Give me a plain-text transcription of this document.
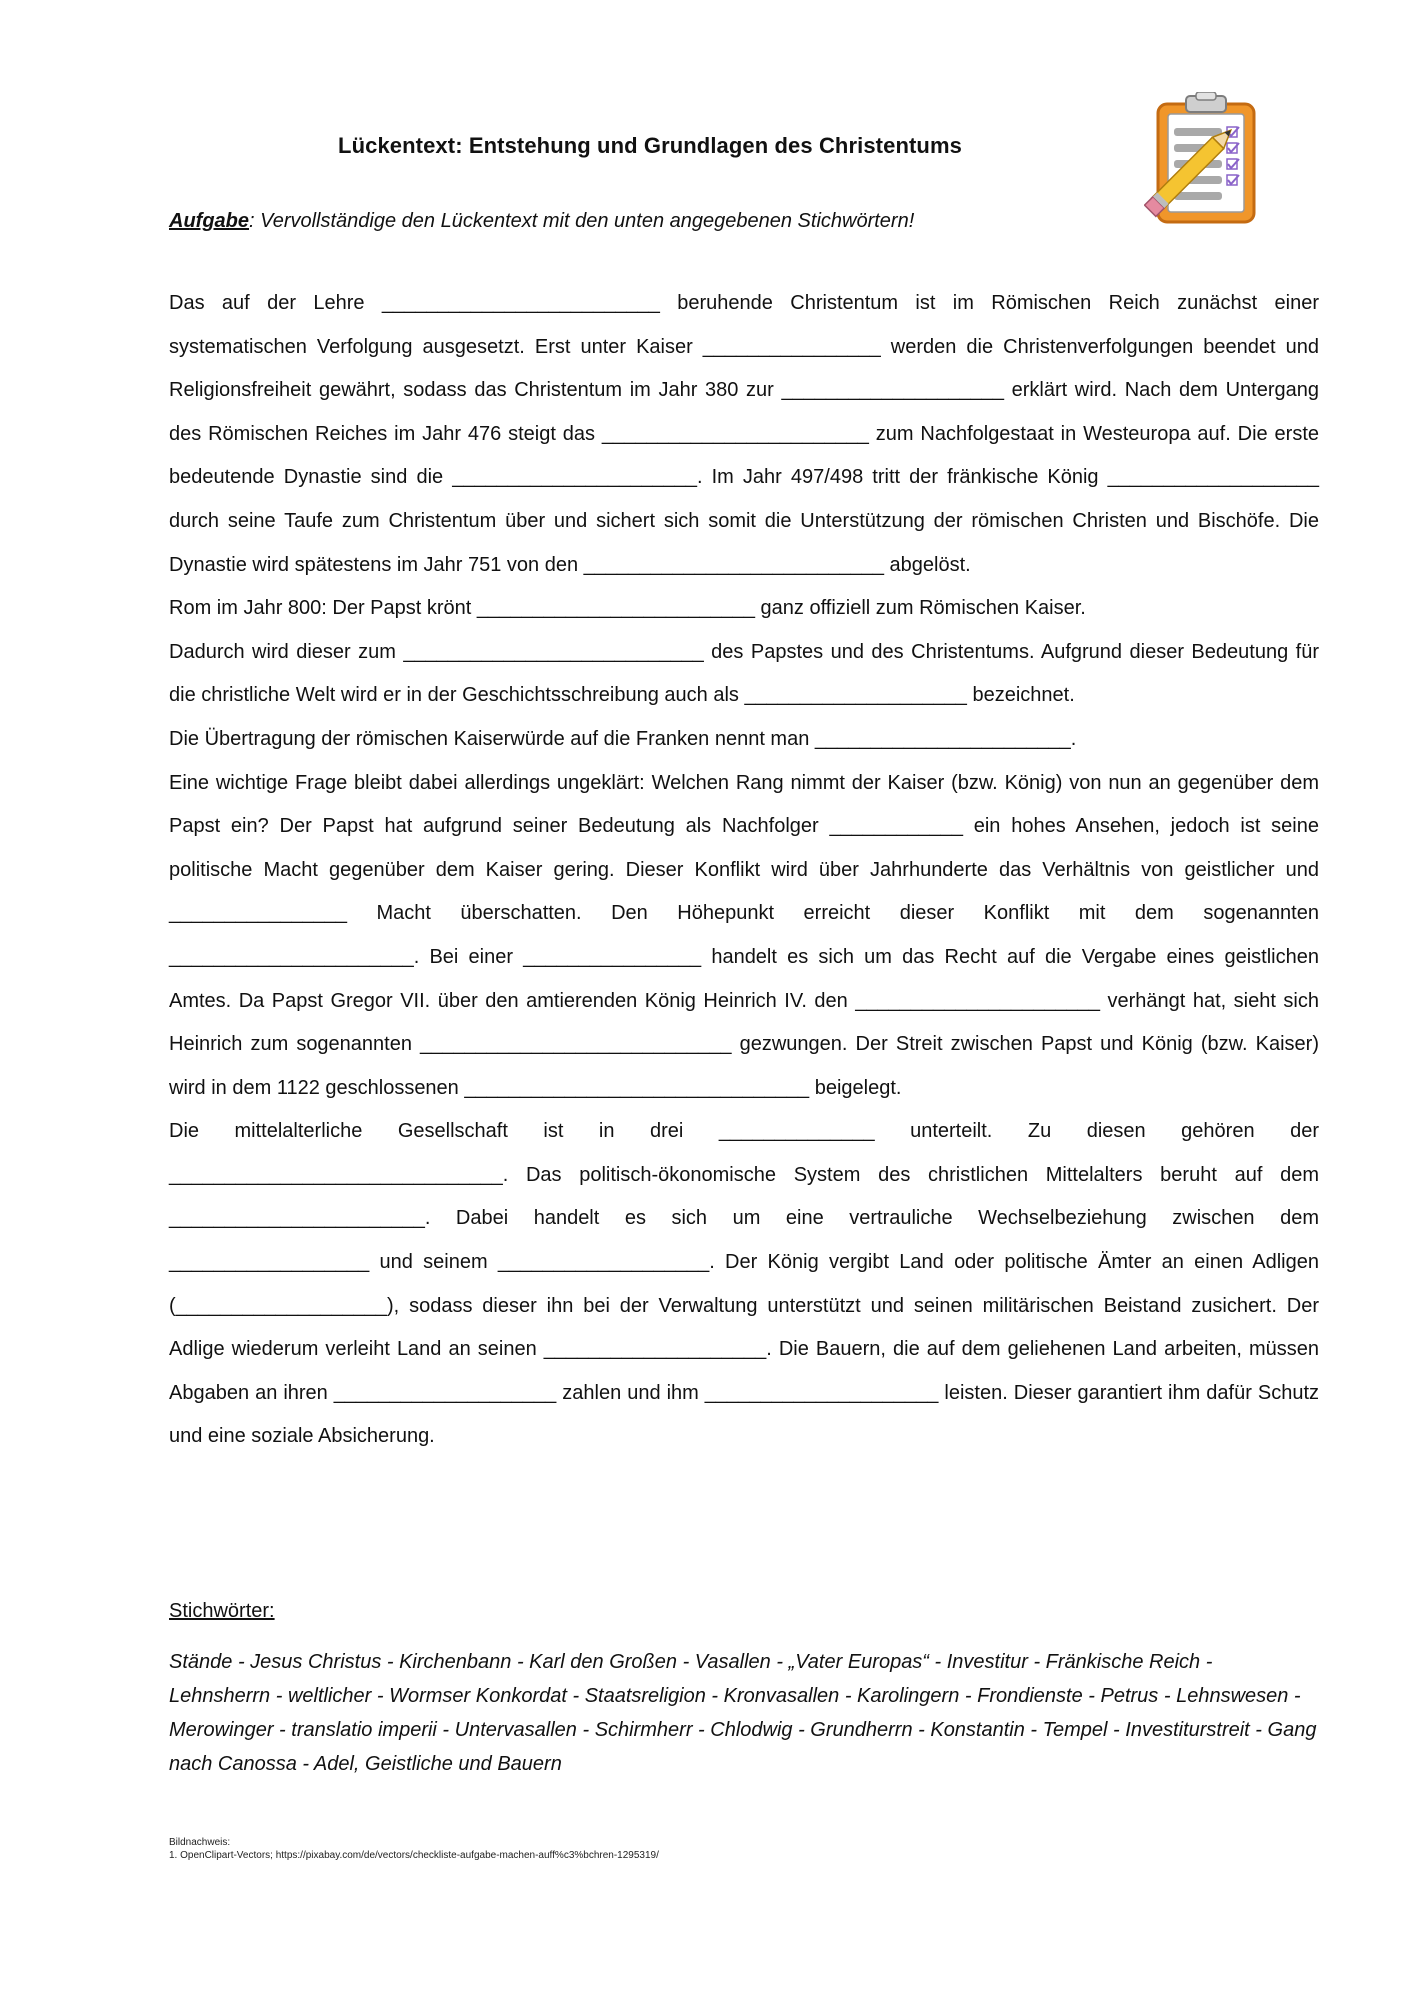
Lückentext: Entstehung und Grundlagen des Christentums
Aufgabe: Vervollständige den Lückentext mit den unten angegebenen Stichwörtern!

Das auf der Lehre _________________________ beruhende Christentum ist im Römischen Reich zunächst einer systematischen Verfolgung ausgesetzt. Erst unter Kaiser ________________ werden die Christenverfolgungen beendet und Religionsfreiheit gewährt, sodass das Christentum im Jahr 380 zur ____________________ erklärt wird. Nach dem Untergang des Römischen Reiches im Jahr 476 steigt das ________________________ zum Nachfolgestaat in Westeuropa auf. Die erste bedeutende Dynastie sind die ______________________. Im Jahr 497/498 tritt der fränkische König ___________________ durch seine Taufe zum Christentum über und sichert sich somit die Unterstützung der römischen Christen und Bischöfe. Die Dynastie wird spätestens im Jahr 751 von den ___________________________ abgelöst.

Rom im Jahr 800: Der Papst krönt _________________________ ganz offiziell zum Römischen Kaiser.

Dadurch wird dieser zum ___________________________ des Papstes und des Christentums. Aufgrund dieser Bedeutung für die christliche Welt wird er in der Geschichtsschreibung auch als ____________________ bezeichnet.

Die Übertragung der römischen Kaiserwürde auf die Franken nennt man _______________________.

Eine wichtige Frage bleibt dabei allerdings ungeklärt: Welchen Rang nimmt der Kaiser (bzw. König) von nun an gegenüber dem Papst ein? Der Papst hat aufgrund seiner Bedeutung als Nachfolger ____________ ein hohes Ansehen, jedoch ist seine politische Macht gegenüber dem Kaiser gering. Dieser Konflikt wird über Jahrhunderte das Verhältnis von geistlicher und ________________ Macht überschatten. Den Höhepunkt erreicht dieser Konflikt mit dem sogenannten ______________________. Bei einer ________________ handelt es sich um das Recht auf die Vergabe eines geistlichen Amtes. Da Papst Gregor VII. über den amtierenden König Heinrich IV. den ______________________ verhängt hat, sieht sich Heinrich zum sogenannten ____________________________ gezwungen. Der Streit zwischen Papst und König (bzw. Kaiser) wird in dem 1122 geschlossenen _______________________________ beigelegt.

Die mittelalterliche Gesellschaft ist in drei ______________ unterteilt. Zu diesen gehören der ______________________________. Das politisch-ökonomische System des christlichen Mittelalters beruht auf dem _______________________. Dabei handelt es sich um eine vertrauliche Wechselbeziehung zwischen dem __________________ und seinem ___________________. Der König vergibt Land oder politische Ämter an einen Adligen (___________________), sodass dieser ihn bei der Verwaltung unterstützt und seinen militärischen Beistand zusichert. Der Adlige wiederum verleiht Land an seinen ____________________. Die Bauern, die auf dem geliehenen Land arbeiten, müssen Abgaben an ihren ____________________ zahlen und ihm _____________________ leisten. Dieser garantiert ihm dafür Schutz und eine soziale Absicherung.

Stichwörter:
Stände - Jesus Christus - Kirchenbann - Karl den Großen - Vasallen - „Vater Europas“ - Investitur - Fränkische Reich - Lehnsherrn - weltlicher - Wormser Konkordat - Staatsreligion - Kronvasallen - Karolingern - Frondienste - Petrus - Lehnswesen - Merowinger - translatio imperii - Untervasallen - Schirmherr - Chlodwig - Grundherrn - Konstantin - Tempel - Investiturstreit - Gang nach Canossa - Adel, Geistliche und Bauern
Bildnachweis:
1. OpenClipart-Vectors; https://pixabay.com/de/vectors/checkliste-aufgabe-machen-auff%c3%bchren-1295319/
